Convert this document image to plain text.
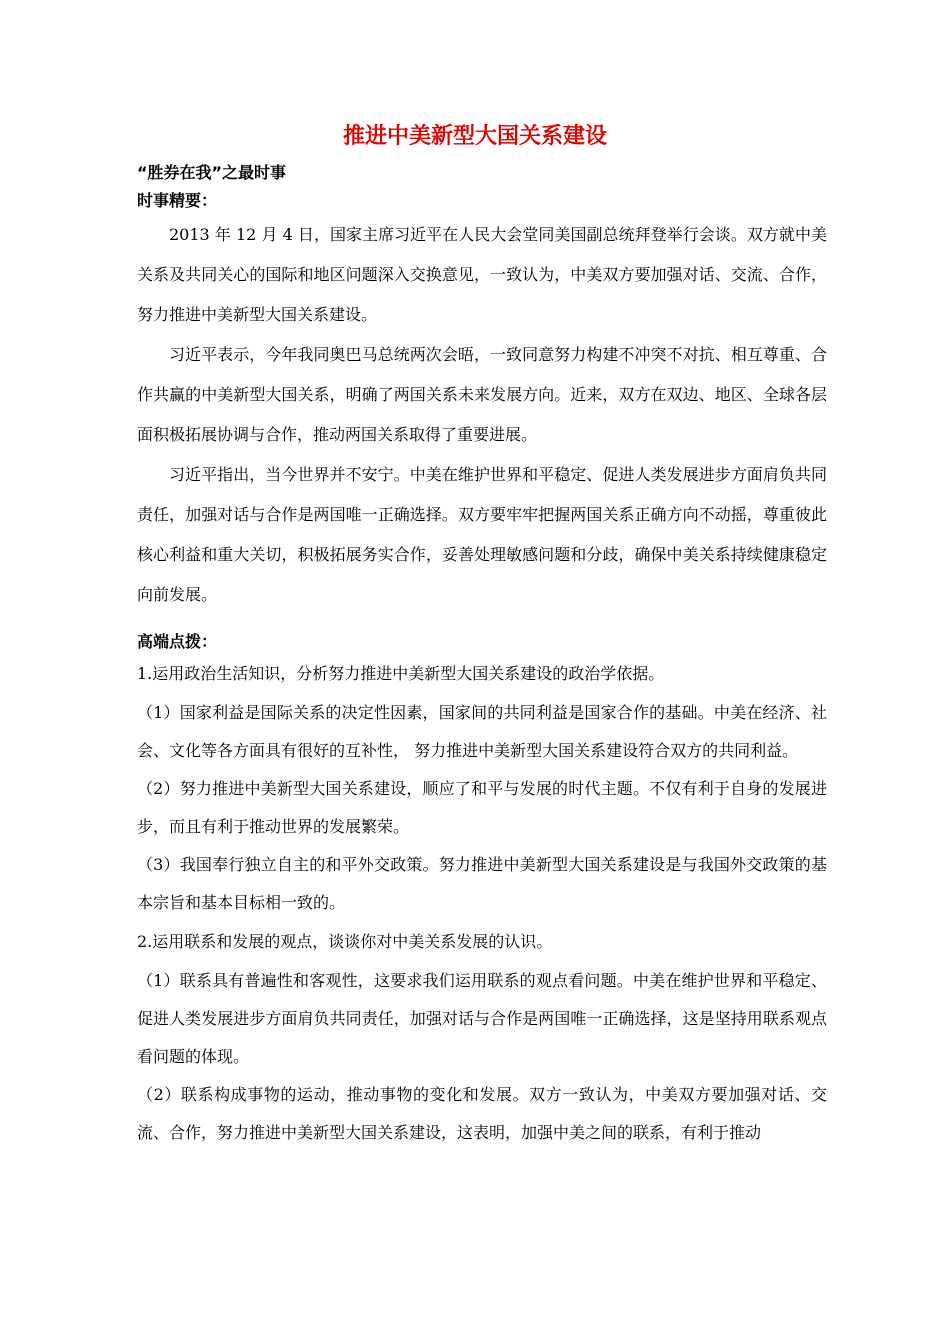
推进中美新型大国关系建设
“胜券在我”之最时事
时事精要：

2013 年 12 月 4 日，国家主席习近平在人民大会堂同美国副总统拜登举行会谈。双方就中美关系及共同关心的国际和地区问题深入交换意见，一致认为，中美双方要加强对话、交流、合作，努力推进中美新型大国关系建设。

习近平表示，今年我同奥巴马总统两次会晤，一致同意努力构建不冲突不对抗、相互尊重、合作共赢的中美新型大国关系，明确了两国关系未来发展方向。近来，双方在双边、地区、全球各层面积极拓展协调与合作，推动两国关系取得了重要进展。

习近平指出，当今世界并不安宁。中美在维护世界和平稳定、促进人类发展进步方面肩负共同责任，加强对话与合作是两国唯一正确选择。双方要牢牢把握两国关系正确方向不动摇，尊重彼此核心利益和重大关切，积极拓展务实合作，妥善处理敏感问题和分歧，确保中美关系持续健康稳定向前发展。

高端点拨：

1.运用政治生活知识，分析努力推进中美新型大国关系建设的政治学依据。

（1）国家利益是国际关系的决定性因素，国家间的共同利益是国家合作的基础。中美在经济、社会、文化等各方面具有很好的互补性， 努力推进中美新型大国关系建设符合双方的共同利益。

（2）努力推进中美新型大国关系建设，顺应了和平与发展的时代主题。不仅有利于自身的发展进步，而且有利于推动世界的发展繁荣。

（3）我国奉行独立自主的和平外交政策。努力推进中美新型大国关系建设是与我国外交政策的基本宗旨和基本目标相一致的。

2.运用联系和发展的观点，谈谈你对中美关系发展的认识。

（1）联系具有普遍性和客观性，这要求我们运用联系的观点看问题。中美在维护世界和平稳定、促进人类发展进步方面肩负共同责任，加强对话与合作是两国唯一正确选择，这是坚持用联系观点看问题的体现。

（2）联系构成事物的运动，推动事物的变化和发展。双方一致认为，中美双方要加强对话、交流、合作，努力推进中美新型大国关系建设，这表明，加强中美之间的联系，有利于推动
